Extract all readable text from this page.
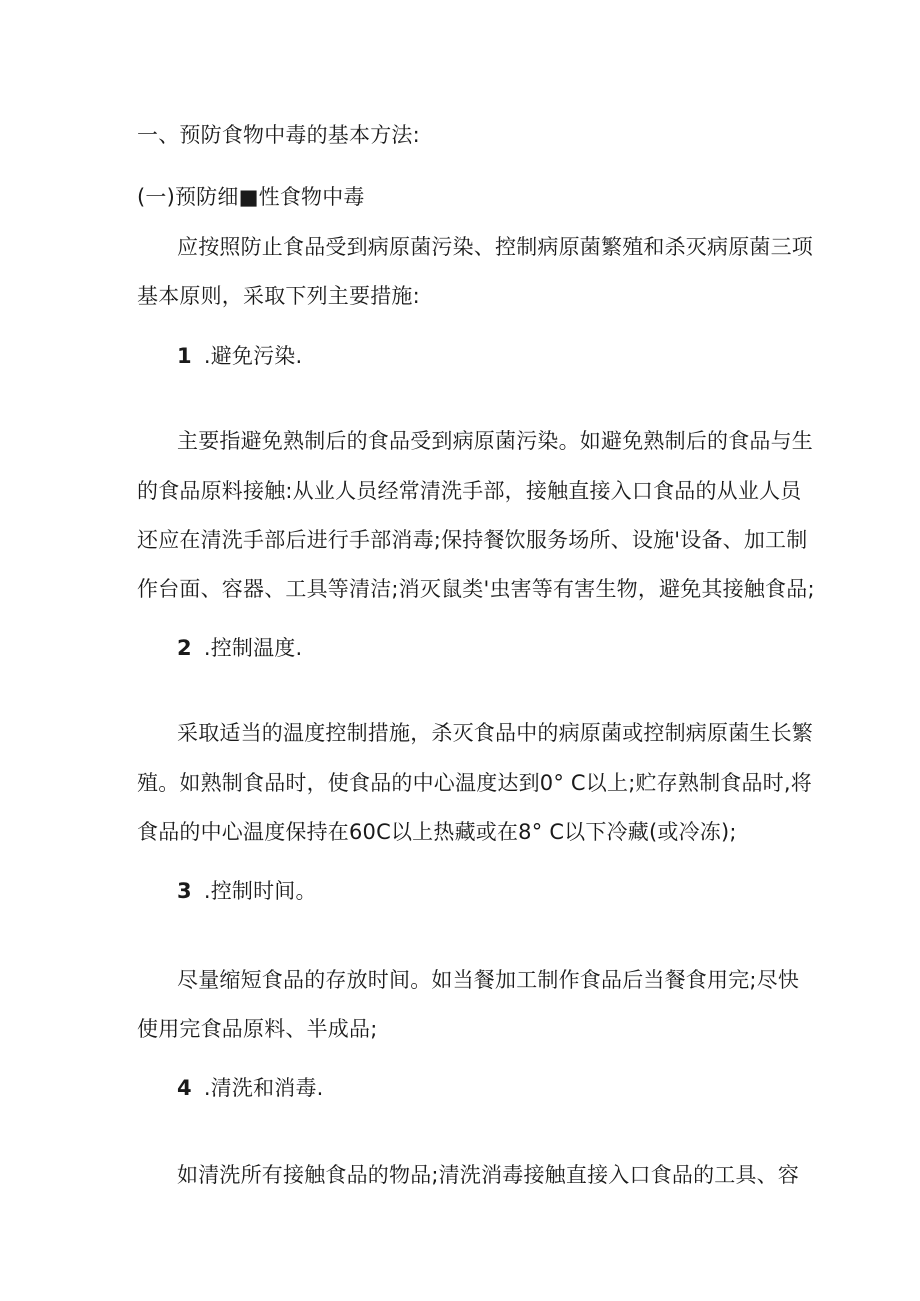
一、预防食物中毒的基本方法:
(一)预防细■性食物中毒
应按照防止食品受到病原菌污染、控制病原菌繁殖和杀灭病原菌三项
基本原则，采取下列主要措施:
1 .避免污染.
主要指避免熟制后的食品受到病原菌污染。如避免熟制后的食品与生
的食品原料接触:从业人员经常清洗手部，接触直接入口食品的从业人员
还应在清洗手部后进行手部消毒;保持餐饮服务场所、设施'设备、加工制
作台面、容器、工具等清洁;消灭鼠类'虫害等有害生物，避免其接触食品;
2 .控制温度.
采取适当的温度控制措施，杀灭食品中的病原菌或控制病原菌生长繁
殖。如熟制食品时，使食品的中心温度达到0° C以上;贮存熟制食品时,将
食品的中心温度保持在60C以上热藏或在8° C以下冷藏(或冷冻);
3 .控制时间。
尽量缩短食品的存放时间。如当餐加工制作食品后当餐食用完;尽快
使用完食品原料、半成品;
4 .清洗和消毒.
如清洗所有接触食品的物品;清洗消毒接触直接入口食品的工具、容
